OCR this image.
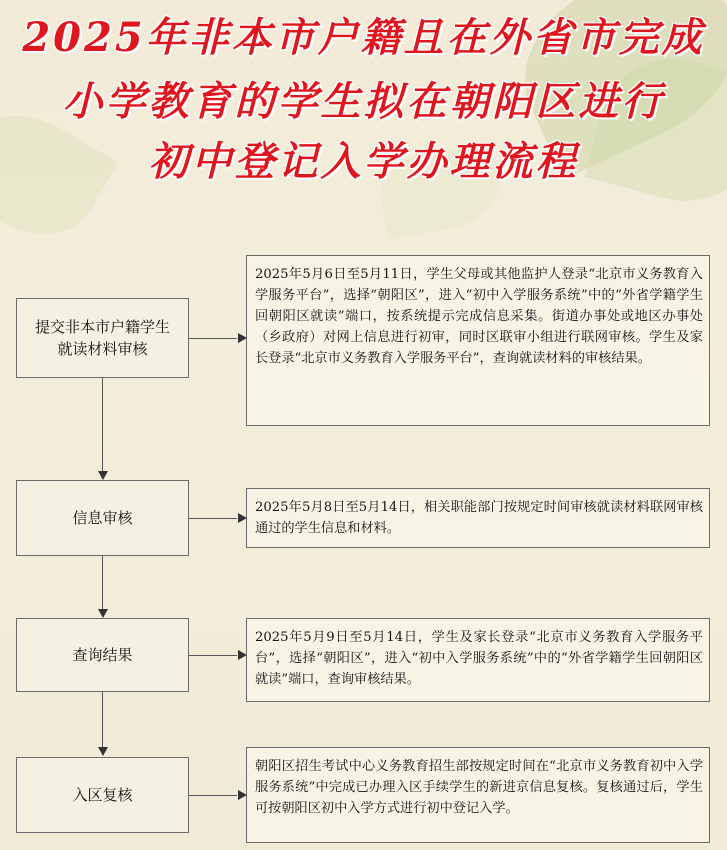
2025年非本市户籍且在外省市完成
小学教育的学生拟在朝阳区进行
初中登记入学办理流程
提交非本市户籍学生就读材料审核
2025年5月6日至5月11日，学生父母或其他监护人登录“北京市义务教育入学服务平台”，选择“朝阳区”，进入“初中入学服务系统”中的“外省学籍学生回朝阳区就读”端口，按系统提示完成信息采集。街道办事处或地区办事处（乡政府）对网上信息进行初审，同时区联审小组进行联网审核。学生及家长登录“北京市义务教育入学服务平台”，查询就读材料的审核结果。
信息审核
2025年5月8日至5月14日，相关职能部门按规定时间审核就读材料联网审核通过的学生信息和材料。
查询结果
2025年5月9日至5月14日，学生及家长登录“北京市义务教育入学服务平台”，选择“朝阳区”，进入“初中入学服务系统”中的“外省学籍学生回朝阳区就读”端口，查询审核结果。
入区复核
朝阳区招生考试中心义务教育招生部按规定时间在“北京市义务教育初中入学服务系统”中完成已办理入区手续学生的新进京信息复核。复核通过后，学生可按朝阳区初中入学方式进行初中登记入学。
